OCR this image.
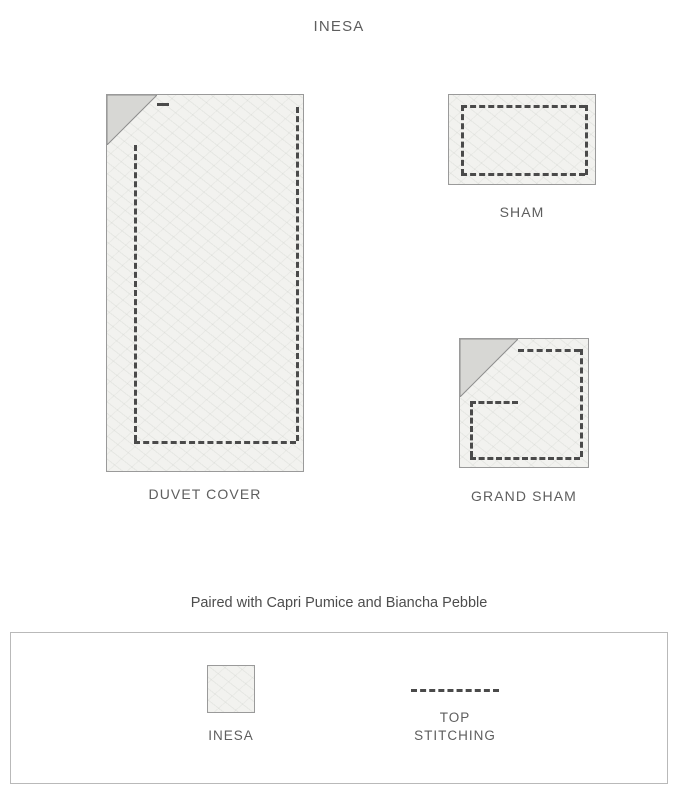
INESA
DUVET COVER
SHAM
GRAND SHAM
Paired with Capri Pumice and Biancha Pebble
INESA
TOP
STITCHING
